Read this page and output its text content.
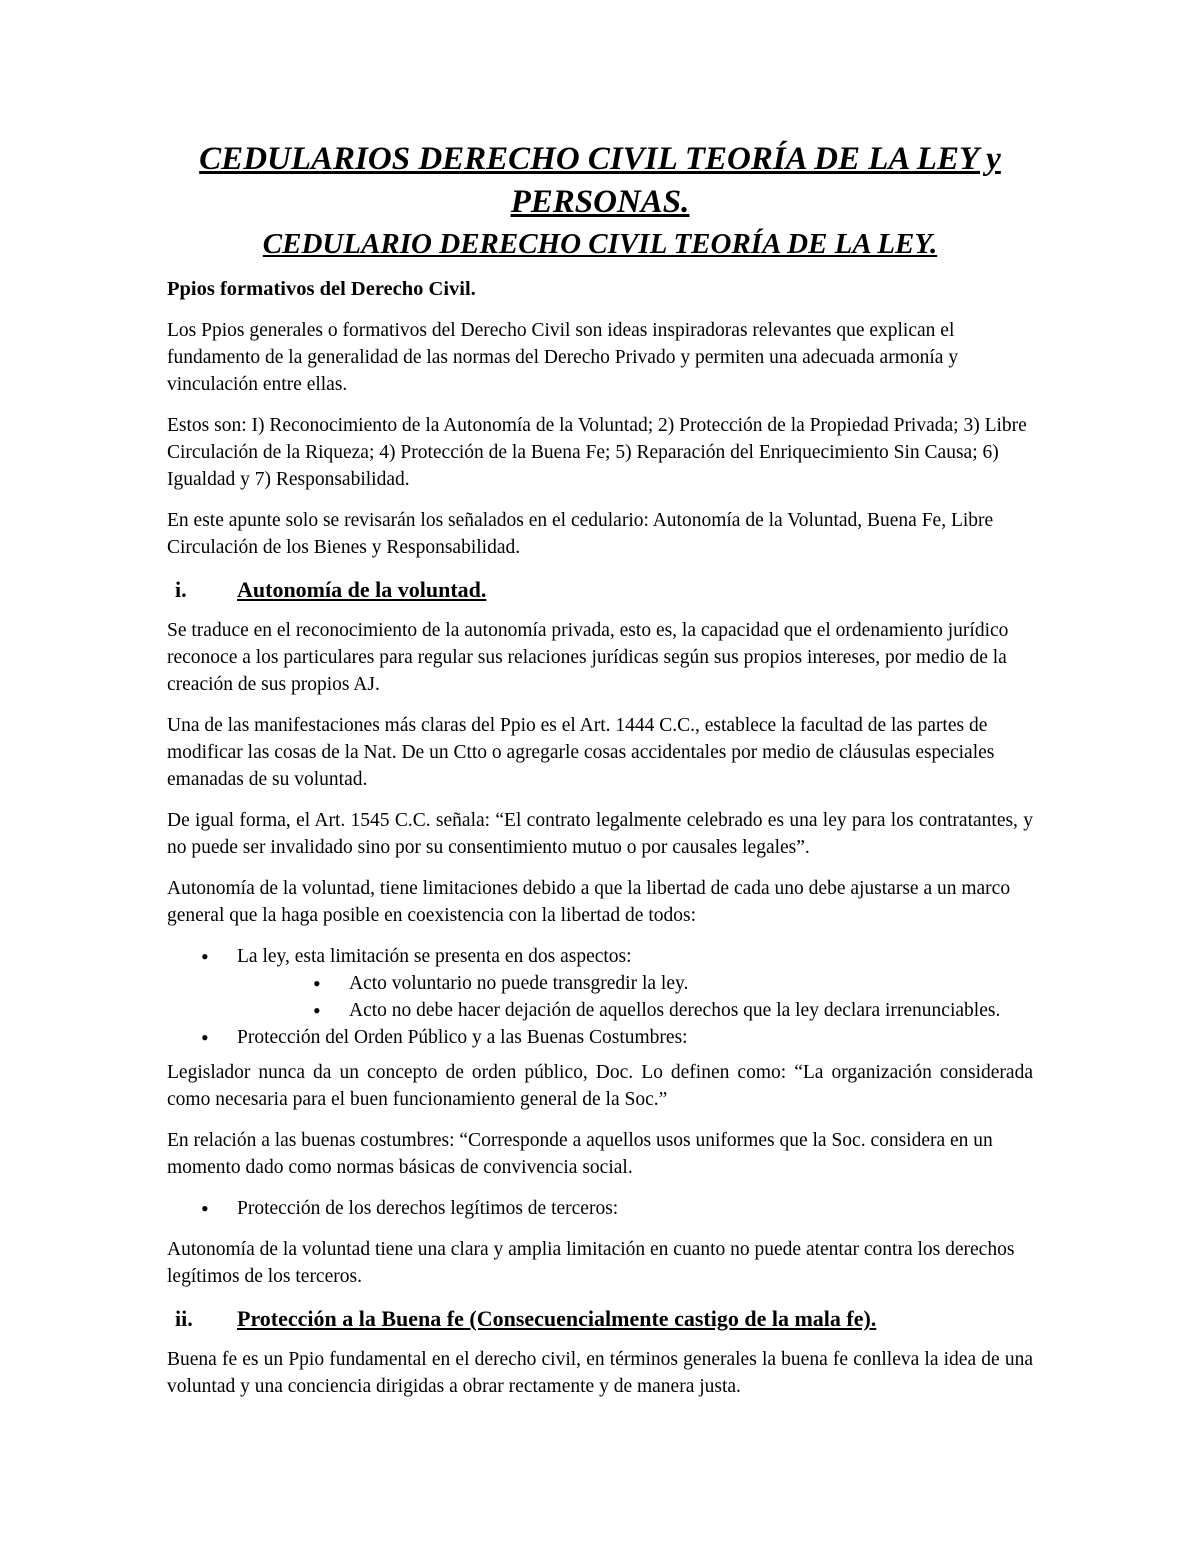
CEDULARIOS DERECHO CIVIL TEORÍA DE LA LEY y
PERSONAS.
CEDULARIO DERECHO CIVIL TEORÍA DE LA LEY.

Ppios formativos del Derecho Civil.

Los Ppios generales o formativos del Derecho Civil son ideas inspiradoras relevantes que explican el fundamento de la generalidad de las normas del Derecho Privado y permiten una adecuada armonía y vinculación entre ellas.

Estos son: I) Reconocimiento de la Autonomía de la Voluntad; 2) Protección de la Propiedad Privada; 3) Libre Circulación de la Riqueza; 4) Protección de la Buena Fe; 5) Reparación del Enriquecimiento Sin Causa; 6) Igualdad y 7) Responsabilidad.

En este apunte solo se revisarán los señalados en el cedulario: Autonomía de la Voluntad, Buena Fe, Libre Circulación de los Bienes y Responsabilidad.

i.	Autonomía de la voluntad.

Se traduce en el reconocimiento de la autonomía privada, esto es, la capacidad que el ordenamiento jurídico reconoce a los particulares para regular sus relaciones jurídicas según sus propios intereses, por medio de la creación de sus propios AJ.

Una de las manifestaciones más claras del Ppio es el Art. 1444 C.C., establece la facultad de las partes de modificar las cosas de la Nat. De un Ctto o agregarle cosas accidentales por medio de cláusulas especiales emanadas de su voluntad.

De igual forma, el Art. 1545 C.C. señala: “El contrato legalmente celebrado es una ley para los contratantes, y no puede ser invalidado sino por su consentimiento mutuo o por causales legales”.

Autonomía de la voluntad, tiene limitaciones debido a que la libertad de cada uno debe ajustarse a un marco general que la haga posible en coexistencia con la libertad de todos:

• La ley, esta limitación se presenta en dos aspectos:
• Acto voluntario no puede transgredir la ley.
• Acto no debe hacer dejación de aquellos derechos que la ley declara irrenunciables.
• Protección del Orden Público y a las Buenas Costumbres:

Legislador nunca da un concepto de orden público, Doc. Lo definen como: “La organización considerada como necesaria para el buen funcionamiento general de la Soc.”

En relación a las buenas costumbres: “Corresponde a aquellos usos uniformes que la Soc. considera en un momento dado como normas básicas de convivencia social.

• Protección de los derechos legítimos de terceros:

Autonomía de la voluntad tiene una clara y amplia limitación en cuanto no puede atentar contra los derechos legítimos de los terceros.

ii.	Protección a la Buena fe (Consecuencialmente castigo de la mala fe).

Buena fe es un Ppio fundamental en el derecho civil, en términos generales la buena fe conlleva la idea de una voluntad y una conciencia dirigidas a obrar rectamente y de manera justa.
